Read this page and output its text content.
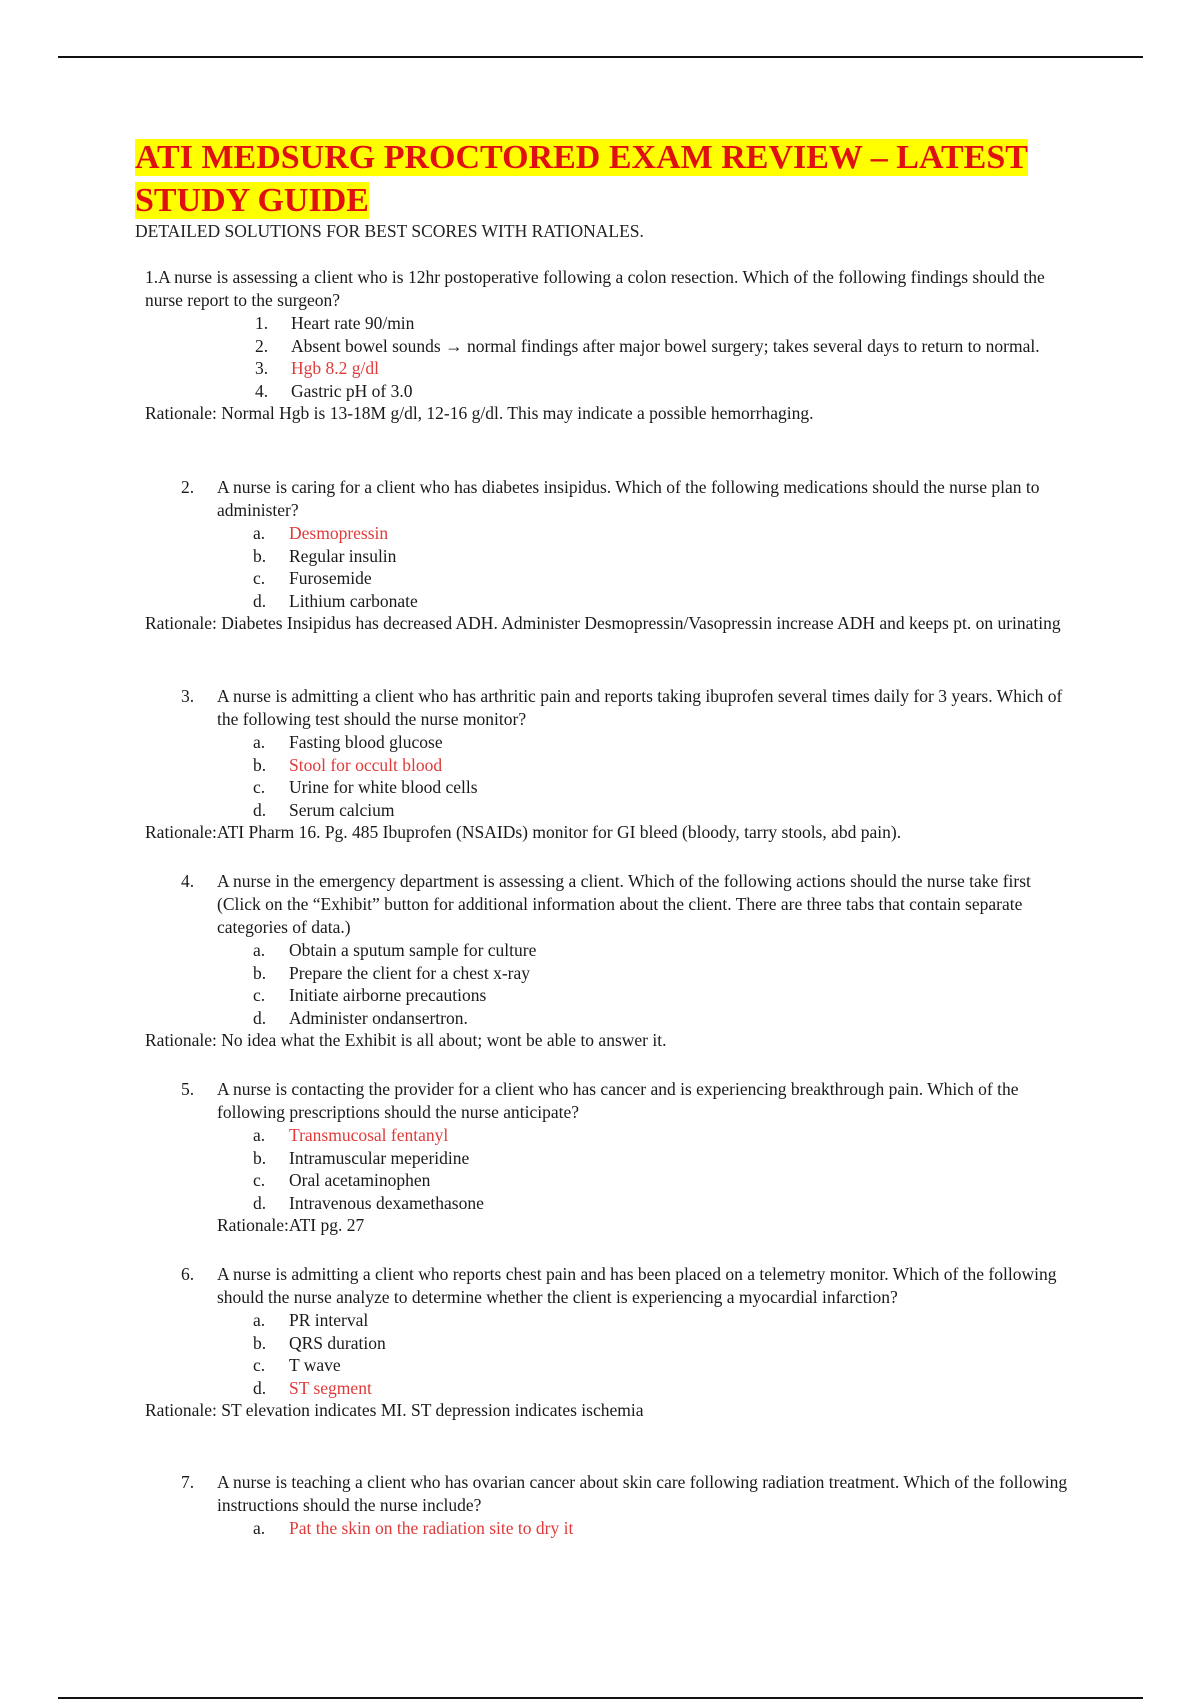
ATI MEDSURG PROCTORED EXAM REVIEW – LATEST STUDY GUIDE
DETAILED SOLUTIONS FOR BEST SCORES WITH RATIONALES.
1.A nurse is assessing a client who is 12hr postoperative following a colon resection. Which of the following findings should the nurse report to the surgeon?
1.	Heart rate 90/min
2.	Absent bowel sounds → normal findings after major bowel surgery; takes several days to return to normal.
3.	Hgb 8.2 g/dl
4.	Gastric pH of 3.0
Rationale: Normal Hgb is 13-18M g/dl, 12-16 g/dl. This may indicate a possible hemorrhaging.
2.	A nurse is caring for a client who has diabetes insipidus. Which of the following medications should the nurse plan to administer?
a.	Desmopressin
b.	Regular insulin
c.	Furosemide
d.	Lithium carbonate
Rationale: Diabetes Insipidus has decreased ADH. Administer Desmopressin/Vasopressin increase ADH and keeps pt. on urinating
3.	A nurse is admitting a client who has arthritic pain and reports taking ibuprofen several times daily for 3 years. Which of the following test should the nurse monitor?
a.	Fasting blood glucose
b.	Stool for occult blood
c.	Urine for white blood cells
d.	Serum calcium
Rationale:ATI Pharm 16. Pg. 485 Ibuprofen (NSAIDs) monitor for GI bleed (bloody, tarry stools, abd pain).
4.	A nurse in the emergency department is assessing a client. Which of the following actions should the nurse take first (Click on the “Exhibit” button for additional information about the client. There are three tabs that contain separate categories of data.)
a.	Obtain a sputum sample for culture
b.	Prepare the client for a chest x-ray
c.	Initiate airborne precautions
d.	Administer ondansertron.
Rationale: No idea what the Exhibit is all about; wont be able to answer it.
5.	A nurse is contacting the provider for a client who has cancer and is experiencing breakthrough pain. Which of the following prescriptions should the nurse anticipate?
a.	Transmucosal fentanyl
b.	Intramuscular meperidine
c.	Oral acetaminophen
d.	Intravenous dexamethasone
Rationale:ATI pg. 27
6.	A nurse is admitting a client who reports chest pain and has been placed on a telemetry monitor. Which of the following should the nurse analyze to determine whether the client is experiencing a myocardial infarction?
a.	PR interval
b.	QRS duration
c.	T wave
d.	ST segment
Rationale: ST elevation indicates MI. ST depression indicates ischemia
7.	A nurse is teaching a client who has ovarian cancer about skin care following radiation treatment. Which of the following instructions should the nurse include?
a.	Pat the skin on the radiation site to dry it
